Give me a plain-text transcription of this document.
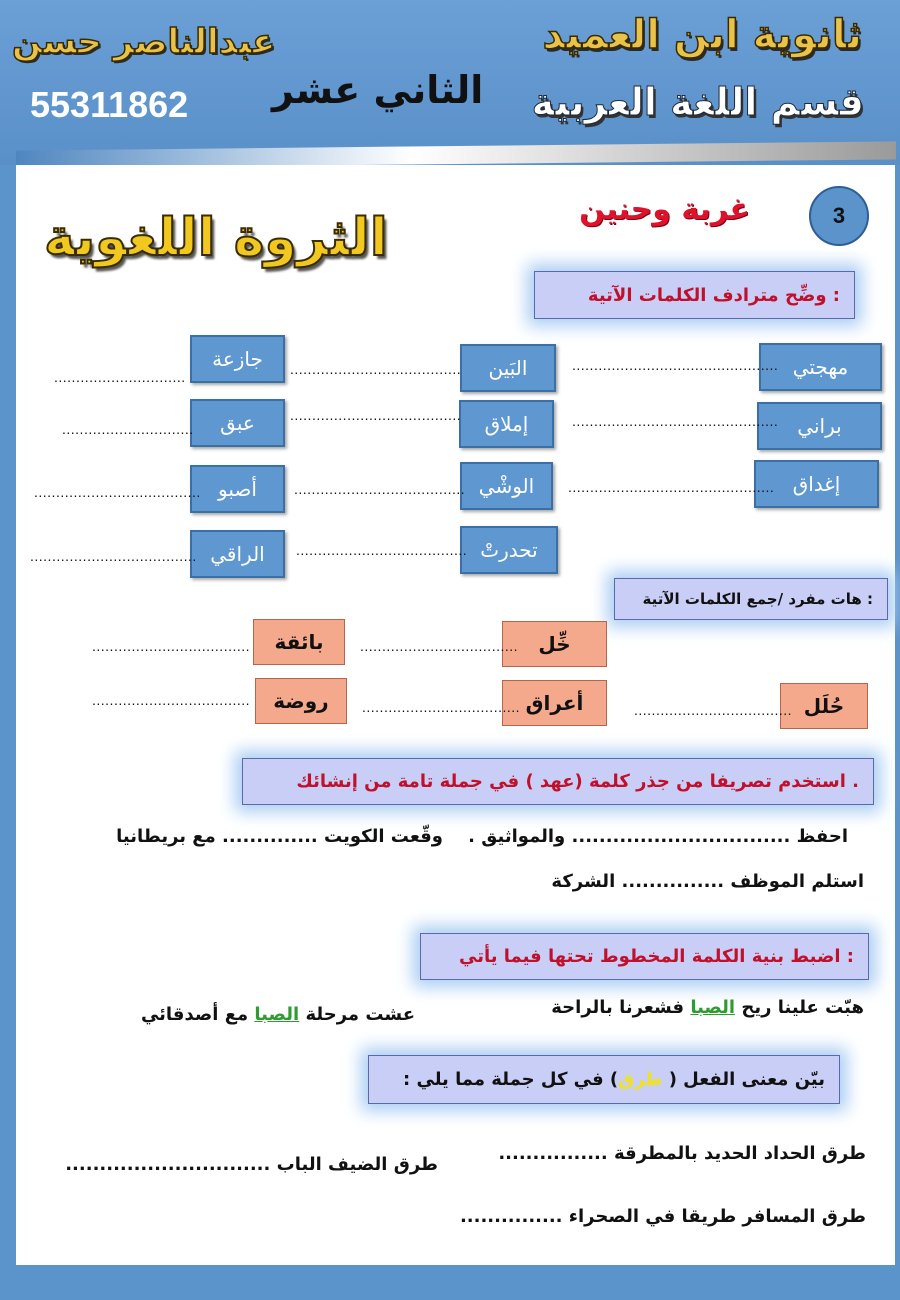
ثانوية ابن العميد
قسم اللغة العربية
عبدالناصر حسن
55311862 الثاني عشر
3
غربة وحنين
الثروة اللغوية
وضِّح مترادف الكلمات الآتية :
مهجتي
براني
إغداق
البَين
إملاق
الوشْي
تحدرتْ
جازعة
عبق
أصبو
الراقي
...............................................
...............................................
...............................................
.......................................
.......................................
.......................................
.......................................
..............................
..............................
......................................
......................................
هات مفرد /جمع الكلمات الآتية :
خِّل
أعراق	حُلَل
بائقة
روضة
....................................
....................................	....................................
....................................
....................................
استخدم تصريفا من جذر كلمة (عهد ) في جملة تامة من إنشائك .
احفظ ................................ والمواثيق .
وقّعت الكويت .............. مع بريطانيا
استلم الموظف ............... الشركة
اضبط بنية الكلمة المخطوط تحتها فيما يأتي :
هبّت علينا ريح الصبا فشعرنا بالراحة
عشت مرحلة الصبا مع أصدقائي
بيّن معنى الفعل ( طرق) في كل جملة مما يلي :
طرق الحداد الحديد بالمطرقة ................
طرق الضيف الباب ..............................
طرق المسافر طريقا في الصحراء ...............
